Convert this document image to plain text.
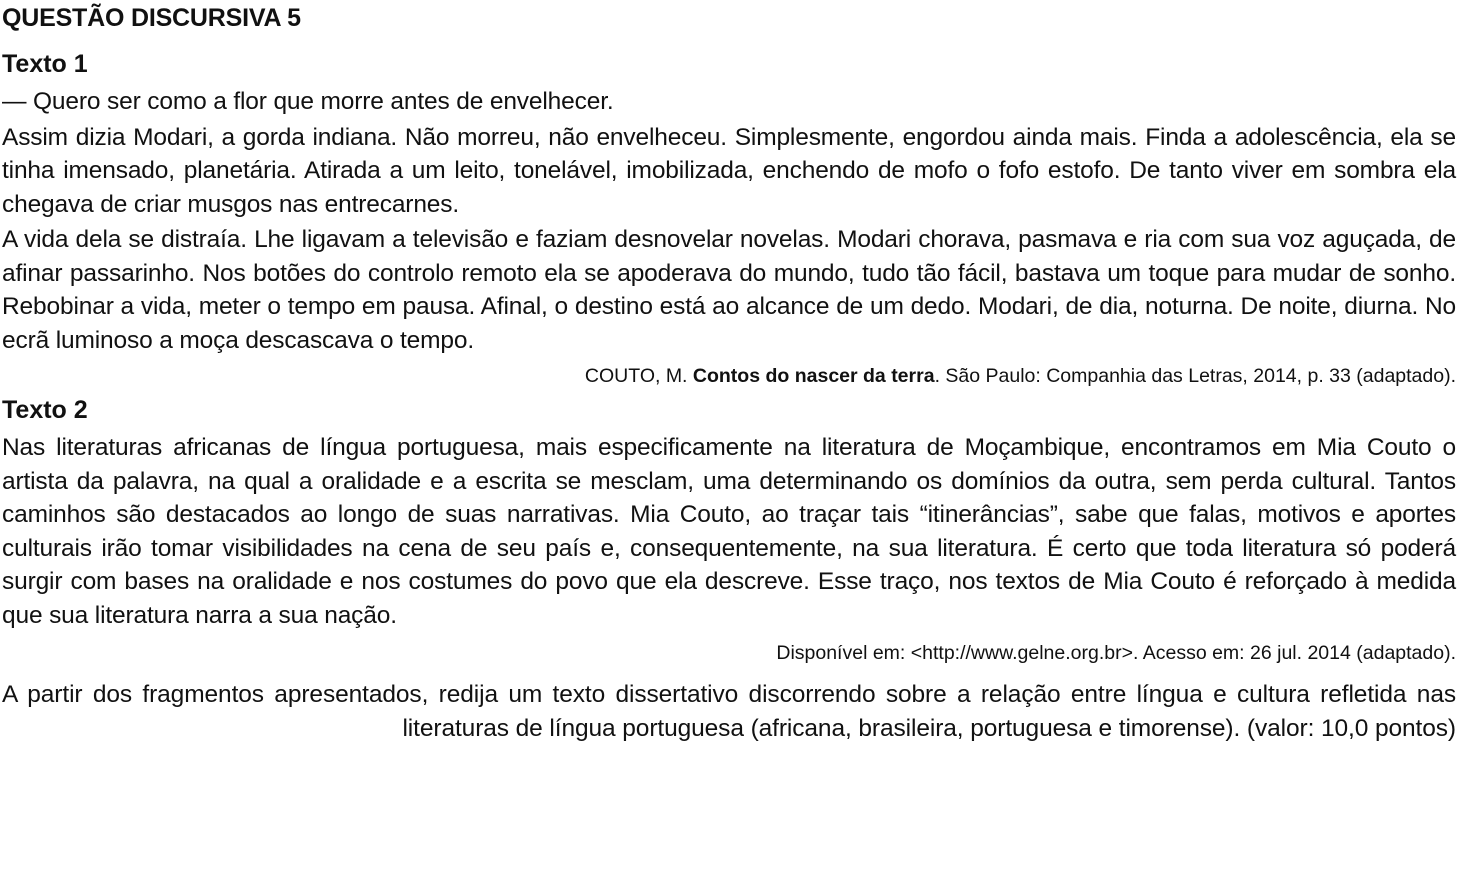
QUESTÃO DISCURSIVA 5
Texto 1

— Quero ser como a flor que morre antes de envelhecer.

Assim dizia Modari, a gorda indiana. Não morreu, não envelheceu. Simplesmente, engordou ainda mais. Finda a adolescência, ela se tinha imensado, planetária. Atirada a um leito, tonelável, imobilizada, enchendo de mofo o fofo estofo. De tanto viver em sombra ela chegava de criar musgos nas entrecarnes.

A vida dela se distraía. Lhe ligavam a televisão e faziam desnovelar novelas. Modari chorava, pasmava e ria com sua voz aguçada, de afinar passarinho. Nos botões do controlo remoto ela se apoderava do mundo, tudo tão fácil, bastava um toque para mudar de sonho. Rebobinar a vida, meter o tempo em pausa. Afinal, o destino está ao alcance de um dedo. Modari, de dia, noturna. De noite, diurna. No ecrã luminoso a moça descascava o tempo.

COUTO, M. Contos do nascer da terra. São Paulo: Companhia das Letras, 2014, p. 33 (adaptado).
Texto 2

Nas literaturas africanas de língua portuguesa, mais especificamente na literatura de Moçambique, encontramos em Mia Couto o artista da palavra, na qual a oralidade e a escrita se mesclam, uma determinando os domínios da outra, sem perda cultural. Tantos caminhos são destacados ao longo de suas narrativas. Mia Couto, ao traçar tais “itinerâncias”, sabe que falas, motivos e aportes culturais irão tomar visibilidades na cena de seu país e, consequentemente, na sua literatura. É certo que toda literatura só poderá surgir com bases na oralidade e nos costumes do povo que ela descreve. Esse traço, nos textos de Mia Couto é reforçado à medida que sua literatura narra a sua nação.

Disponível em: <http://www.gelne.org.br>. Acesso em: 26 jul. 2014 (adaptado).

A partir dos fragmentos apresentados, redija um texto dissertativo discorrendo sobre a relação entre língua e cultura refletida nas literaturas de língua portuguesa (africana, brasileira, portuguesa e timorense). (valor: 10,0 pontos)
